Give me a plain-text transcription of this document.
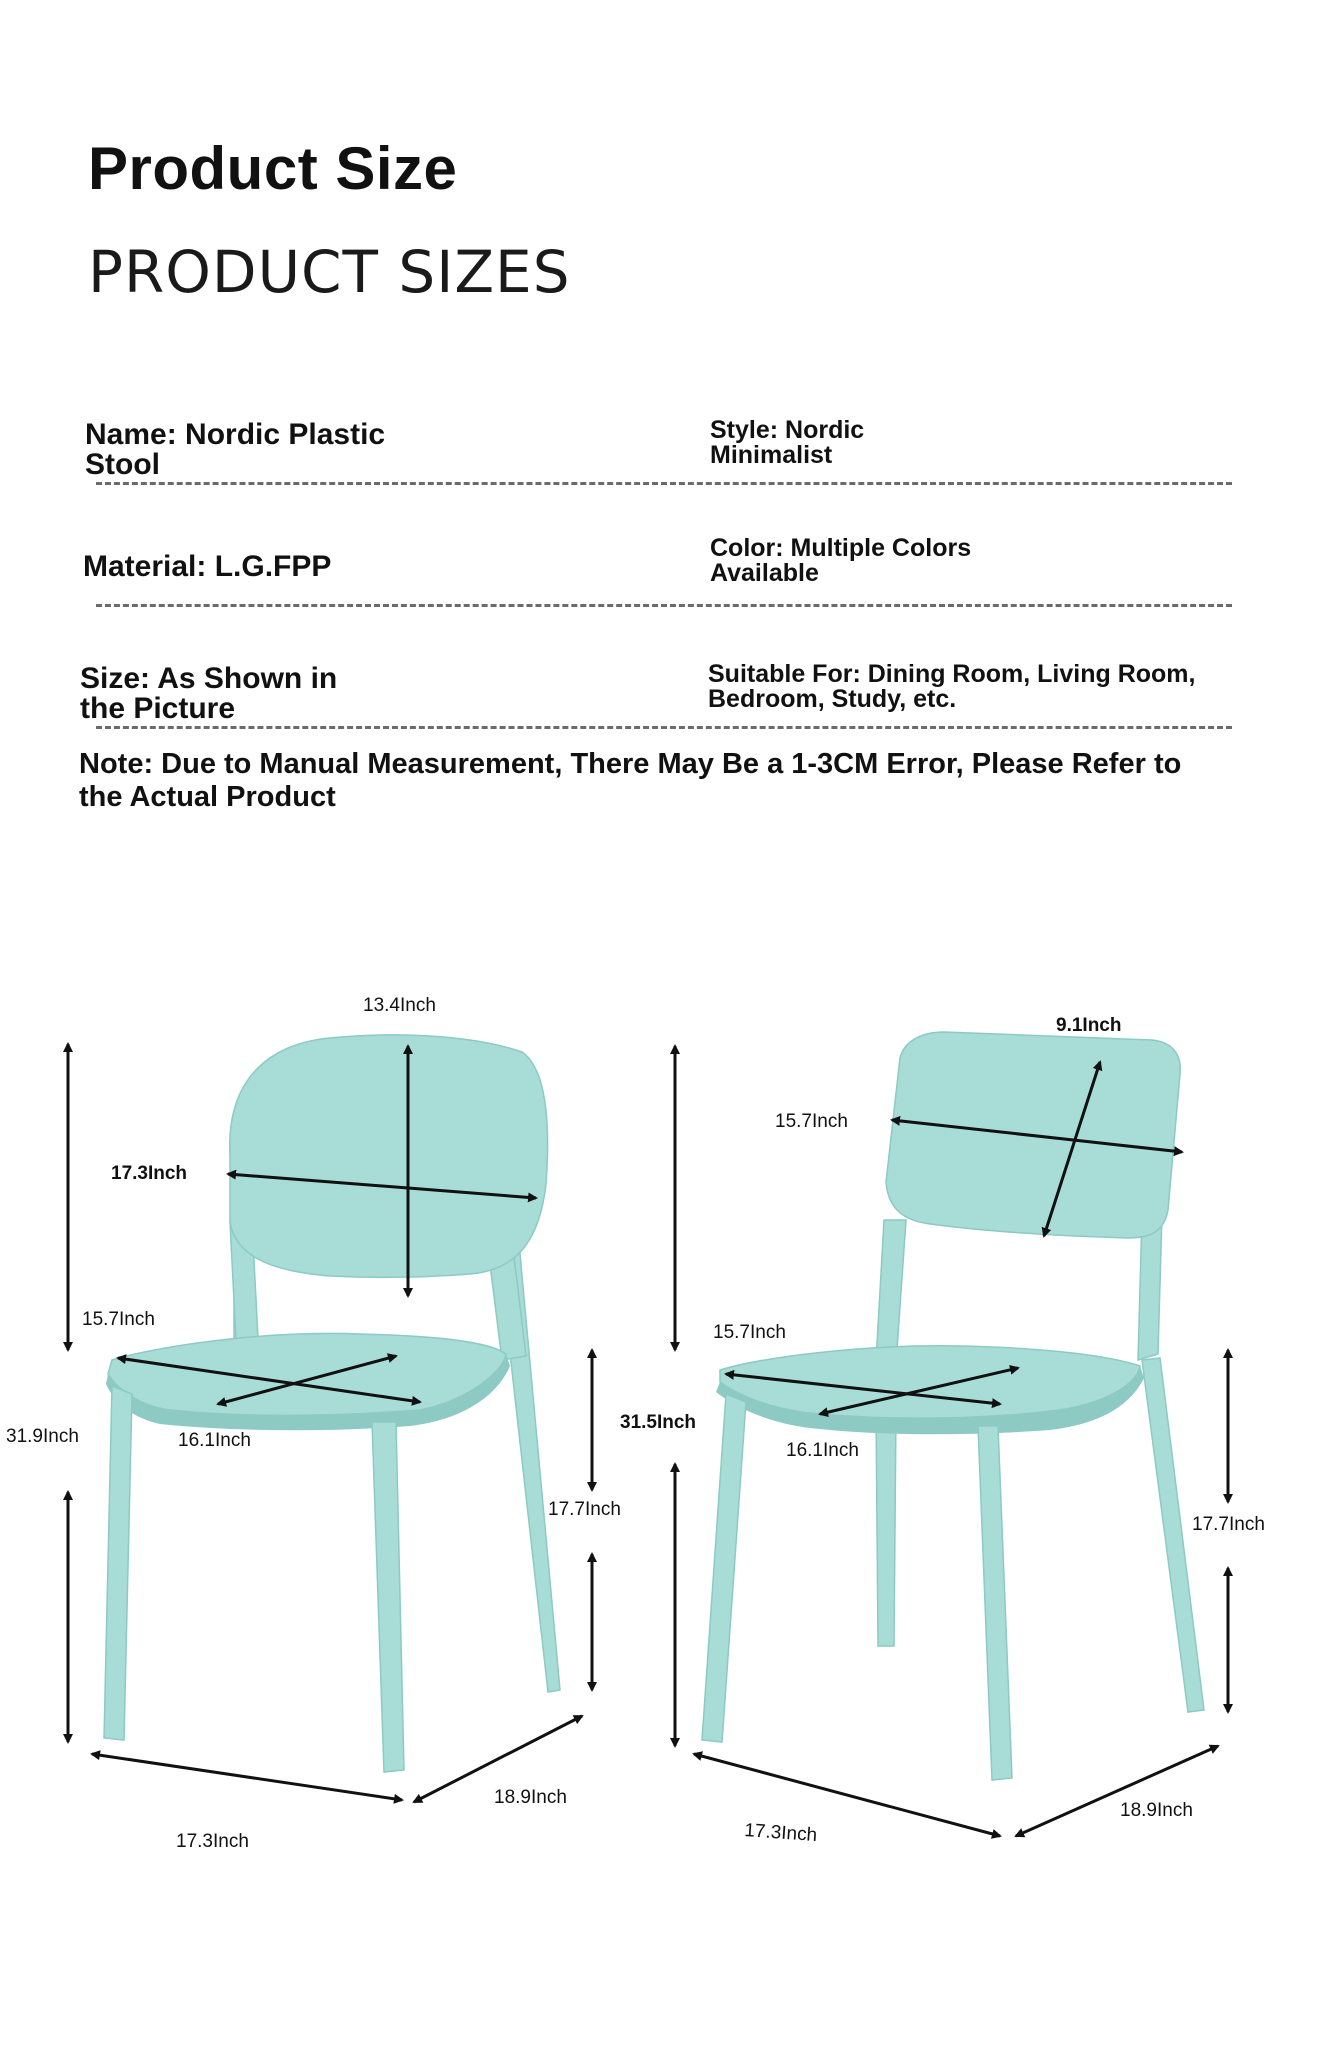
Product Size
PRODUCT SIZES
Name: Nordic Plastic
Stool
Style: Nordic
Minimalist
Material: L.G.FPP
Color: Multiple Colors
Available
Size: As Shown in
the Picture
Suitable For: Dining Room, Living Room,
Bedroom, Study, etc.
Note: Due to Manual Measurement, There May Be a 1-3CM Error, Please Refer to the Actual Product
13.4Inch
17.3Inch
31.9Inch
15.7Inch
16.1Inch
17.7Inch
17.3Inch
18.9Inch
9.1Inch
15.7Inch
31.5Inch
15.7Inch
16.1Inch
17.7Inch
17.3Inch
18.9Inch
